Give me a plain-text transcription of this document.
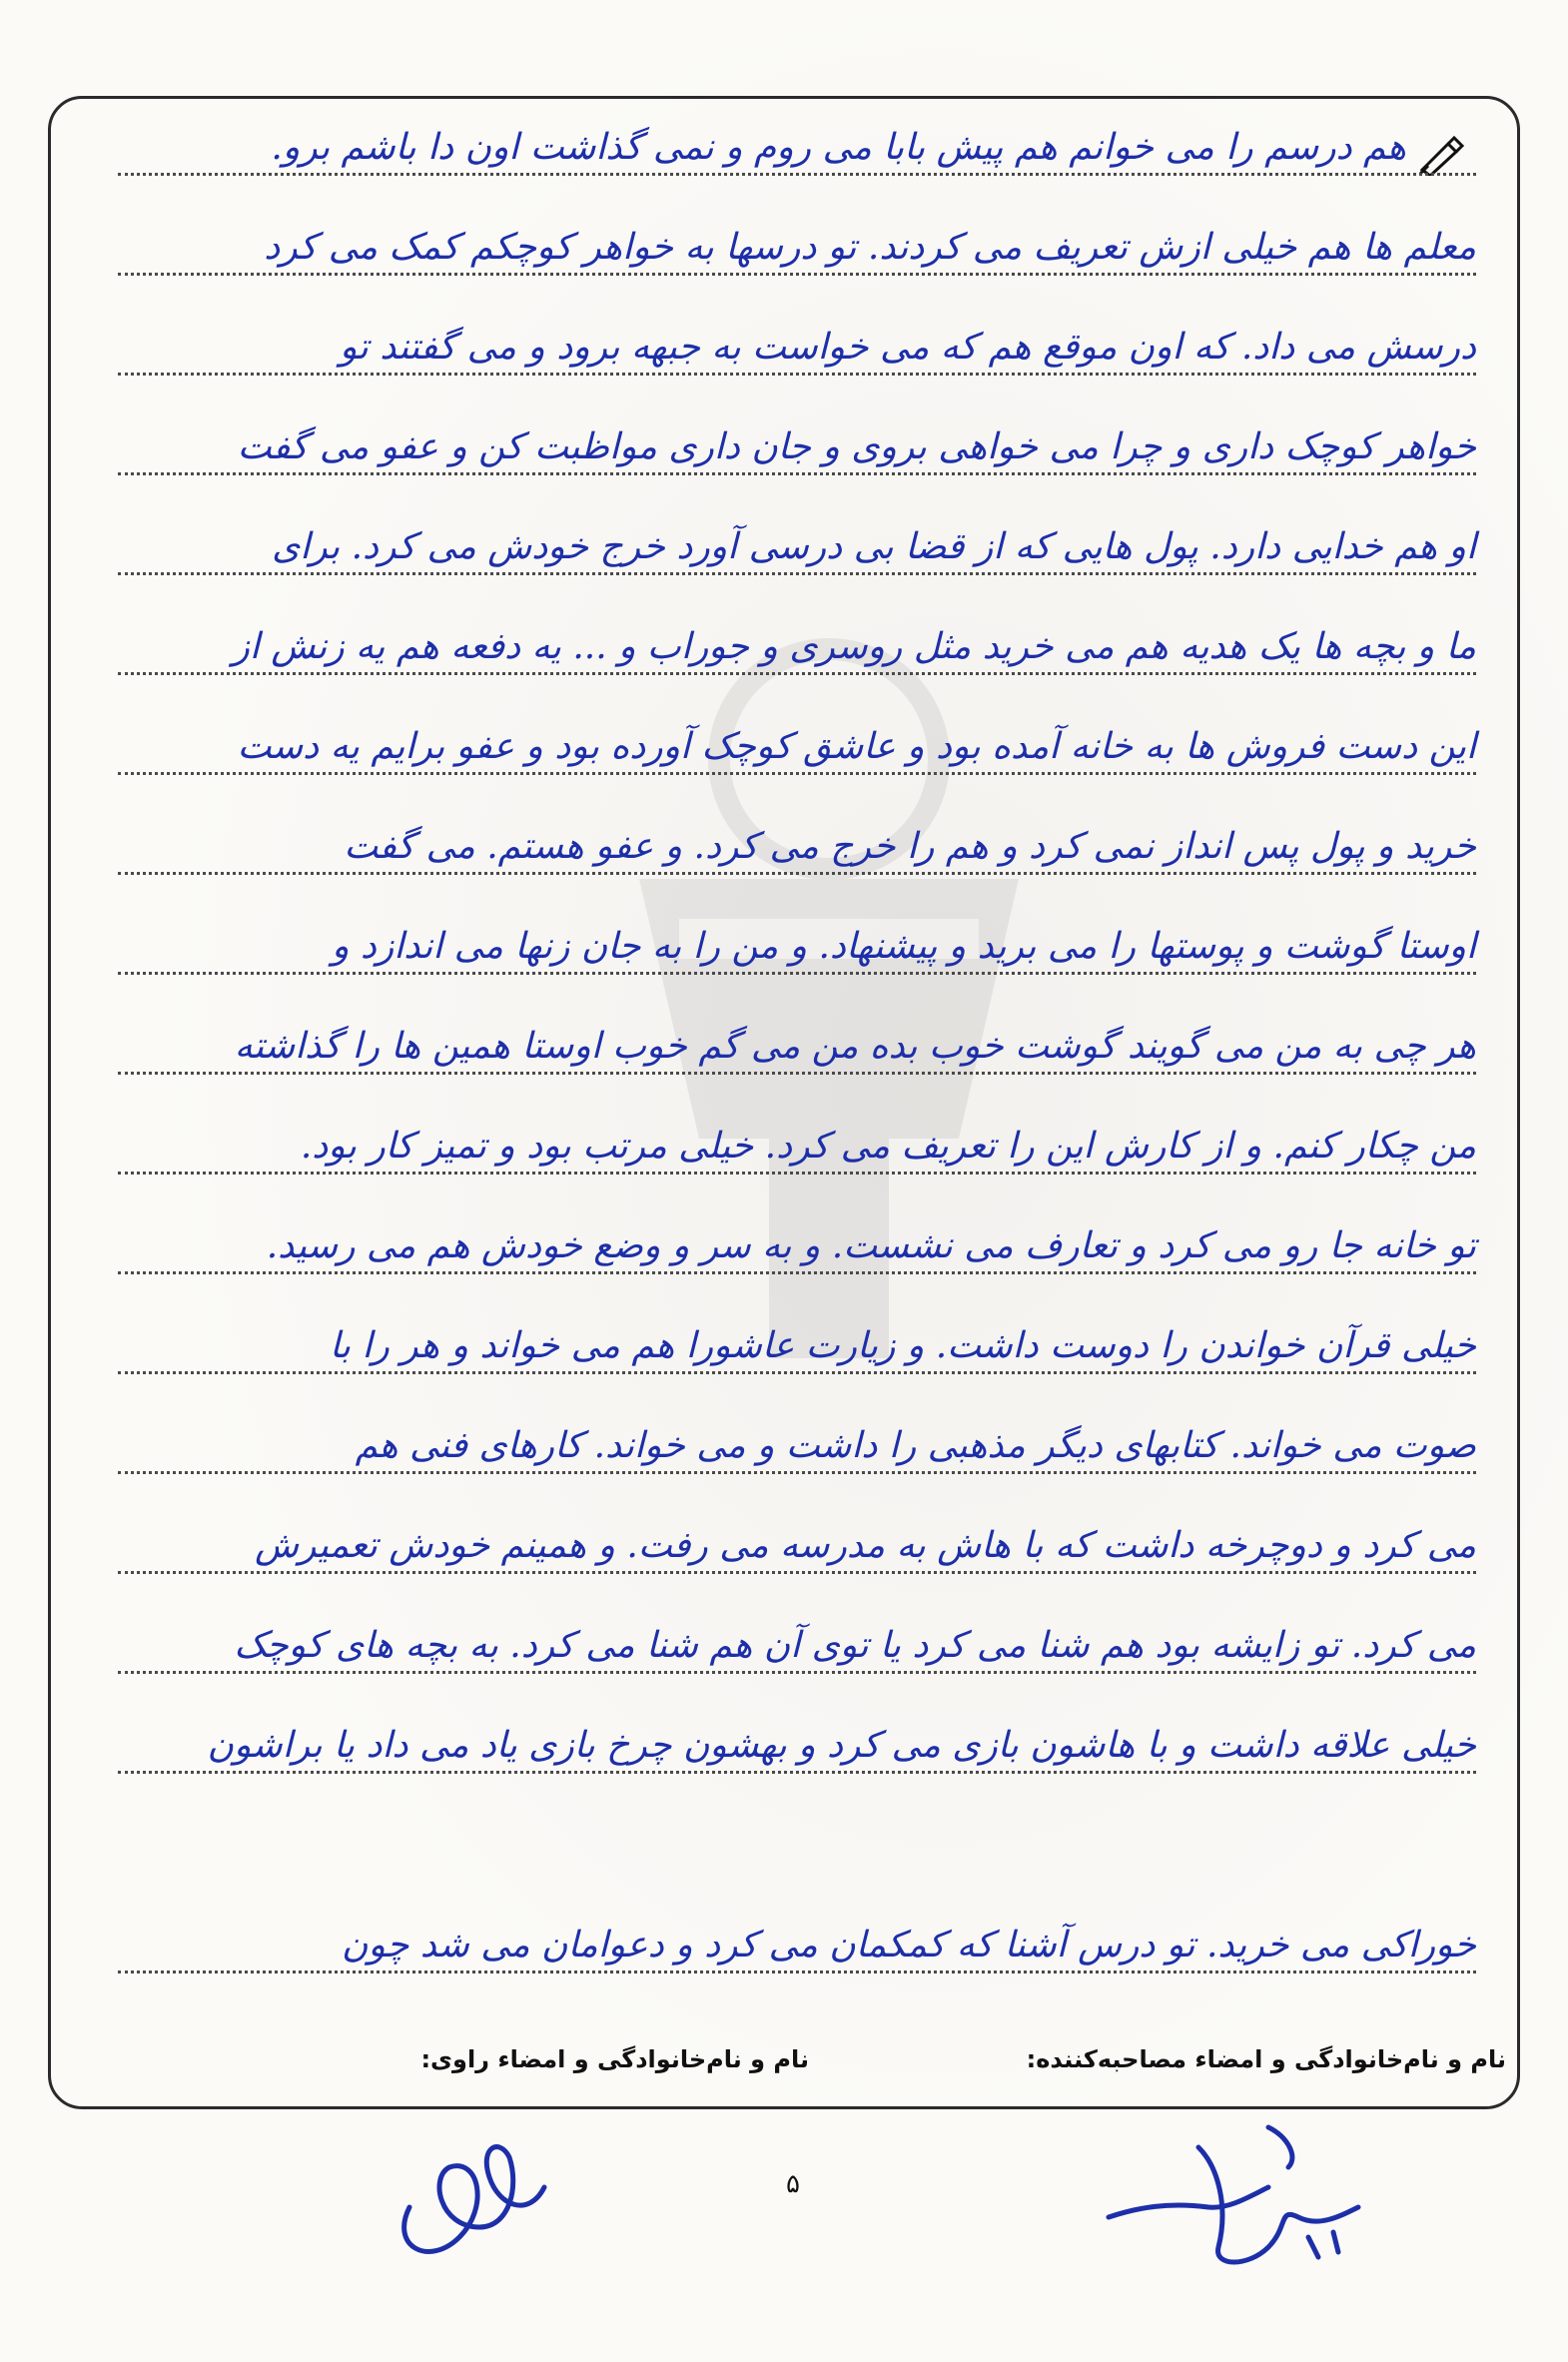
هم درسم را می خوانم هم پیش بابا می روم و نمی گذاشت اون دا باشم برو.
معلم ها هم خیلی ازش تعریف می کردند. تو درسها به خواهر کوچکم کمک می کرد
درسش می داد. که اون موقع هم که می خواست به جبهه برود و می گفتند تو
خواهر کوچک داری و چرا می خواهی بروی و جان داری مواظبت کن و عفو می گفت
او هم خدایی دارد. پول هایی که از قضا بی درسی آورد خرج خودش می کرد. برای
ما و بچه ها یک هدیه هم می خرید مثل روسری و جوراب و ... یه دفعه هم یه زنش از
این دست فروش ها به خانه آمده بود و عاشق کوچک آورده بود و عفو برایم یه دست
خرید و پول پس انداز نمی کرد و هم را خرج می کرد. و عفو هستم. می گفت
اوستا گوشت و پوستها را می برید و پیشنهاد. و من را به جان زنها می اندازد و
هر چی به من می گویند گوشت خوب بده من می گم خوب اوستا همین ها را گذاشته
من چکار کنم. و از کارش این را تعریف می کرد. خیلی مرتب بود و تمیز کار بود.
تو خانه جا رو می کرد و تعارف می نشست. و به سر و وضع خودش هم می رسید.
خیلی قرآن خواندن را دوست داشت. و زیارت عاشورا هم می خواند و هر را با
صوت می خواند. کتابهای دیگر مذهبی را داشت و می خواند. کارهای فنی هم
می کرد و دوچرخه داشت که با هاش به مدرسه می رفت. و همینم خودش تعمیرش
می کرد. تو زایشه بود هم شنا می کرد یا توی آن هم شنا می کرد. به بچه های کوچک
خیلی علاقه داشت و با هاشون بازی می کرد و بهشون چرخ بازی یاد می داد یا براشون
خوراکی می خرید. تو درس آشنا که کمکمان می کرد و دعوامان می شد چون
نام و نام‌خانوادگی و امضاء مصاحبه‌کننده:
نام و نام‌خانوادگی و امضاء راوی:
۵
